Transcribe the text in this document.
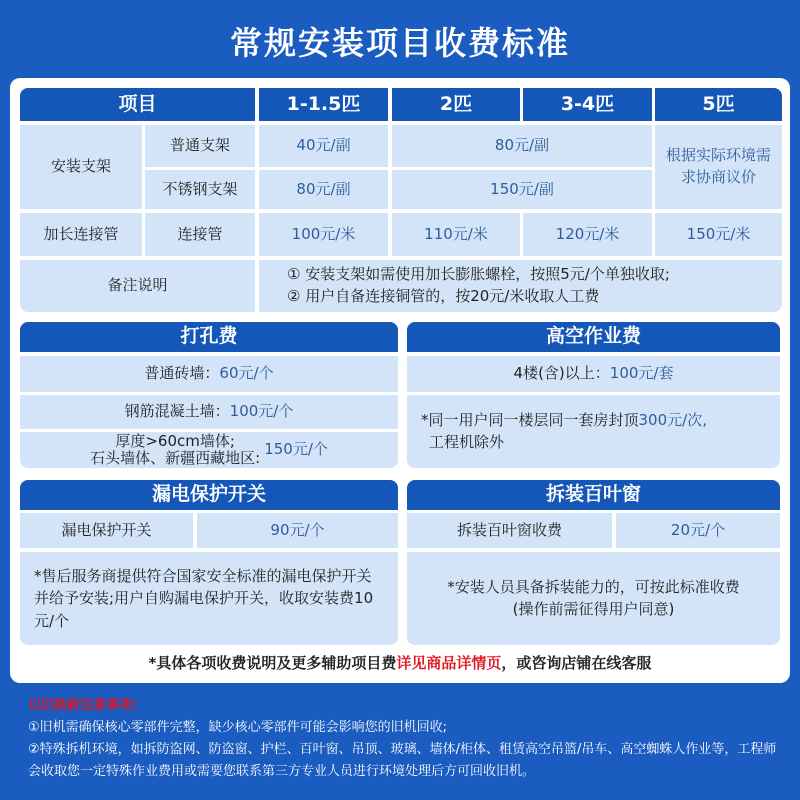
常规安装项目收费标准
项目	1-1.5匹	2匹	3-4匹	5匹
安装支架
普通支架	40元/副	80元/副
不锈钢支架	80元/副	150元/副
根据实际环境需求协商议价
加长连接管	连接管	100元/米	110元/米	120元/米	150元/米
备注说明
① 安装支架如需使用加长膨胀螺栓，按照5元/个单独收取;
② 用户自备连接铜管的，按20元/米收取人工费
打孔费
普通砖墙： 60元/个
钢筋混凝土墙： 100元/个
厚度>60cm墙体;
石头墙体、新疆西藏地区: 150元/个
高空作业费
4楼(含)以上： 100元/套
*同一用户同一楼层同一套房封顶300元/次,
工程机除外
漏电保护开关
漏电保护开关	90元/个
*售后服务商提供符合国家安全标准的漏电保护开关并给予安装;用户自购漏电保护开关，收取安装费10元/个
拆装百叶窗
拆装百叶窗收费	20元/个
*安装人员具备拆装能力的，可按此标准收费
(操作前需征得用户同意)
*具体各项收费说明及更多辅助项目费详见商品详情页，或咨询店铺在线客服
以旧换新注意事项:
①旧机需确保核心零部件完整，缺少核心零部件可能会影响您的旧机回收;
②特殊拆机环境，如拆防盗网、防盗窗、护栏、百叶窗、吊顶、玻璃、墙体/柜体、租赁高空吊篮/吊车、高空蜘蛛人作业等，工程师会收取您一定特殊作业费用或需要您联系第三方专业人员进行环境处理后方可回收旧机。
